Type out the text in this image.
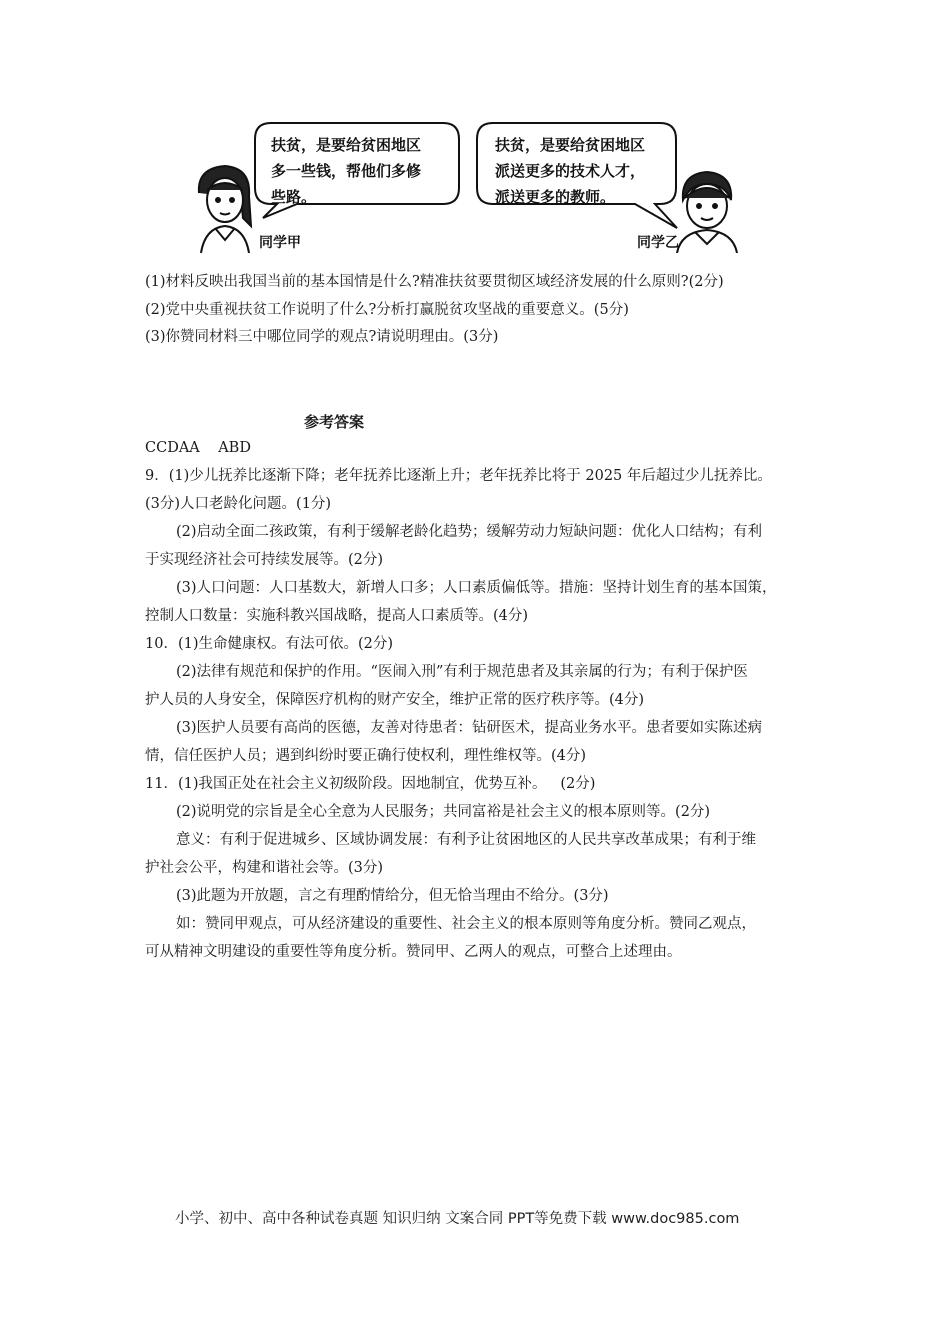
扶贫，是要给贫困地区
多一些钱，帮他们多修
些路。
扶贫，是要给贫困地区
派送更多的技术人才，
派送更多的教师。
同学甲	同学乙
(1)材料反映出我国当前的基本国情是什么?精准扶贫要贯彻区域经济发展的什么原则?(2分)
(2)党中央重视扶贫工作说明了什么?分析打赢脱贫攻坚战的重要意义。(5分)
(3)你赞同材料三中哪位同学的观点?请说明理由。(3分)
参考答案
CCDAA    ABD
9．(1)少儿抚养比逐渐下降；老年抚养比逐渐上升；老年抚养比将于 2025 年后超过少儿抚养比。
(3分)人口老龄化问题。(1分)
(2)启动全面二孩政策，有利于缓解老龄化趋势；缓解劳动力短缺问题：优化人口结构；有利
于实现经济社会可持续发展等。(2分)
(3)人口问题：人口基数大，新增人口多；人口素质偏低等。措施：坚持计划生育的基本国策，
控制人口数量：实施科教兴国战略，提高人口素质等。(4分)
10．(1)生命健康权。有法可依。(2分)
(2)法律有规范和保护的作用。“医闹入刑”有利于规范患者及其亲属的行为；有利于保护医
护人员的人身安全，保障医疗机构的财产安全，维护正常的医疗秩序等。(4分)
(3)医护人员要有高尚的医德，友善对待患者：钻研医术，提高业务水平。患者要如实陈述病
情，信任医护人员；遇到纠纷时要正确行使权利，理性维权等。(4分)
11．(1)我国正处在社会主义初级阶段。因地制宜，优势互补。   (2分)
(2)说明党的宗旨是全心全意为人民服务；共同富裕是社会主义的根本原则等。(2分)
意义：有利于促进城乡、区域协调发展：有利予让贫困地区的人民共享改革成果；有利于维
护社会公平，构建和谐社会等。(3分)
(3)此题为开放题，言之有理酌情给分，但无恰当理由不给分。(3分)
如：赞同甲观点，可从经济建设的重要性、社会主义的根本原则等角度分析。赞同乙观点，
可从精神文明建设的重要性等角度分析。赞同甲、乙两人的观点，可整合上述理由。
小学、初中、高中各种试卷真题 知识归纳 文案合同 PPT等免费下载 www.doc985.com
